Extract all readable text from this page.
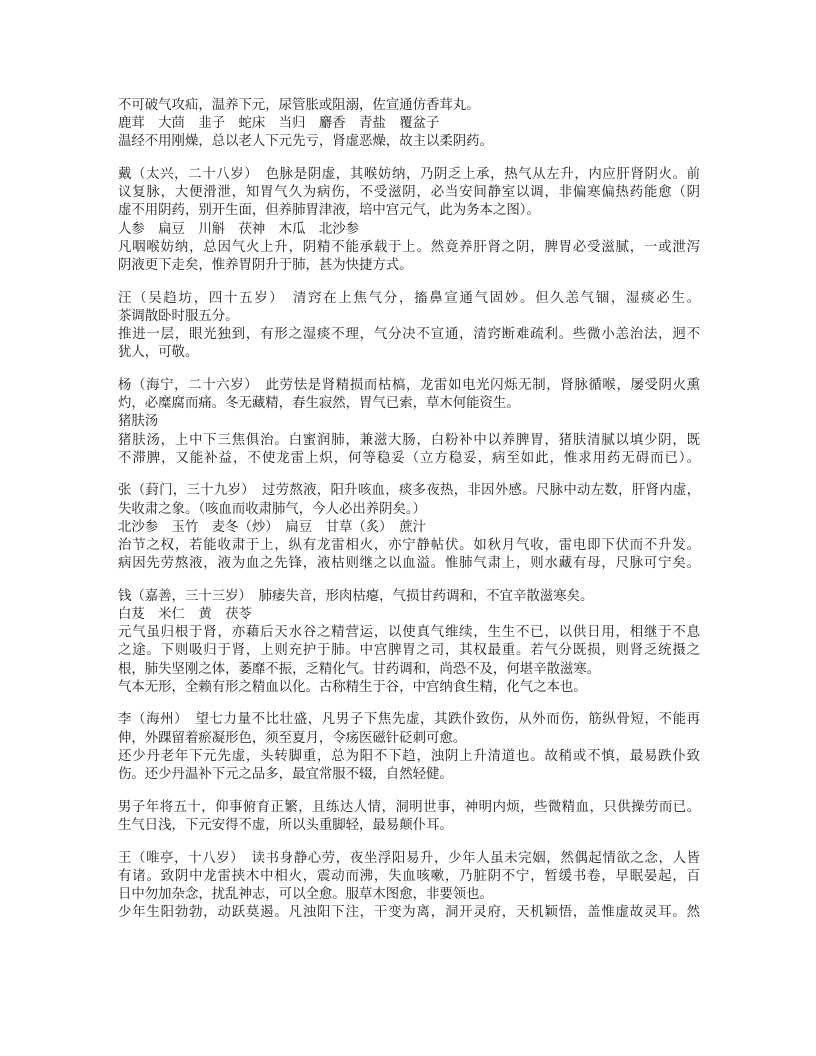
不可破气攻疝，温养下元，尿管胀或阻溺，佐宣通仿香茸丸。
鹿茸　大茴　韭子　蛇床　当归　麝香　青盐　覆盆子
温经不用刚燥，总以老人下元先亏，肾虚恶燥，故主以柔阴药。
戴（太兴，二十八岁）　色脉是阴虚，其喉妨纳，乃阴乏上承，热气从左升，内应肝肾阴火。前
议复脉，大便滑泄，知胃气久为病伤，不受滋阴，必当安间静室以调，非偏寒偏热药能愈（阴
虚不用阴药，别开生面，但养肺胃津液，培中宫元气，此为务本之图）。
人参　扁豆　川斛　茯神　木瓜　北沙参
凡咽喉妨纳，总因气火上升，阴精不能承载于上。然竟养肝肾之阴，脾胃必受滋腻，一或泄泻
阴液更下走矣，惟养胃阴升于肺，甚为快捷方式。
汪（吴趋坊，四十五岁）　清窍在上焦气分，搐鼻宣通气固妙。但久恙气锢，湿痰必生。
茶调散卧时服五分。
推进一层，眼光独到，有形之湿痰不理，气分决不宣通，清窍断难疏利。些微小恙治法，迥不
犹人，可敬。
杨（海宁，二十六岁）　此劳怯是肾精损而枯槁，龙雷如电光闪烁无制，肾脉循喉，屡受阴火熏
灼，必糜腐而痛。冬无藏精，春生寂然，胃气已索，草木何能资生。
猪肤汤
猪肤汤，上中下三焦俱治。白蜜润肺，兼滋大肠，白粉补中以养脾胃，猪肤清腻以填少阴，既
不滞脾，又能补益，不使龙雷上炽，何等稳妥（立方稳妥，病至如此，惟求用药无碍而已）。
张（葑门，三十九岁）　过劳熬液，阳升咳血，痰多夜热，非因外感。尺脉中动左数，肝肾内虚，
失收肃之象。（咳血而收肃肺气，今人必出养阴矣。）
北沙参　玉竹　麦冬（炒）　扁豆　甘草（炙）　蔗汁
治节之权，若能收肃于上，纵有龙雷相火，亦宁静帖伏。如秋月气收，雷电即下伏而不升发。
病因先劳熬液，液为血之先锋，液枯则继之以血溢。惟肺气肃上，则水藏有母，尺脉可宁矣。
钱（嘉善，三十三岁）　肺痿失音，形肉枯瘪，气损甘药调和，不宜辛散滋寒矣。
白芨　米仁　黄　茯苓
元气虽归根于肾，亦藉后天水谷之精营运，以使真气维续，生生不已，以供日用，相继于不息
之途。下则吸归于肾，上则充护于肺。中宫脾胃之司，其权最重。若气分既损，则肾乏统摄之
根，肺失坚刚之体，萎靡不振，乏精化气。甘药调和，尚恐不及，何堪辛散滋寒。
气本无形，全赖有形之精血以化。古称精生于谷，中宫纳食生精，化气之本也。
李（海州）　望七力量不比壮盛，凡男子下焦先虚，其跌仆致伤，从外而伤，筋纵骨短，不能再
伸，外踝留着瘀凝形色，须至夏月，令疡医磁针砭刺可愈。
还少丹老年下元先虚，头转脚重，总为阳不下趋，浊阴上升清道也。故稍或不慎，最易跌仆致
伤。还少丹温补下元之品多，最宜常服不辍，自然轻健。
男子年将五十，仰事俯育正繁，且练达人情，洞明世事，神明内烦，些微精血，只供操劳而已。
生气日浅，下元安得不虚，所以头重脚轻，最易颠仆耳。
王（唯亭，十八岁）　读书身静心劳，夜坐浮阳易升，少年人虽未完姻，然偶起情欲之念，人皆
有诸。致阴中龙雷挟木中相火，震动而沸，失血咳嗽，乃脏阴不宁，暂缓书卷，早眠晏起，百
日中勿加杂念，扰乱神志，可以全愈。服草木图愈，非要领也。
少年生阳勃勃，动跃莫遏。凡浊阳下注，干变为离，洞开灵府，天机颖悟，盖惟虚故灵耳。然
